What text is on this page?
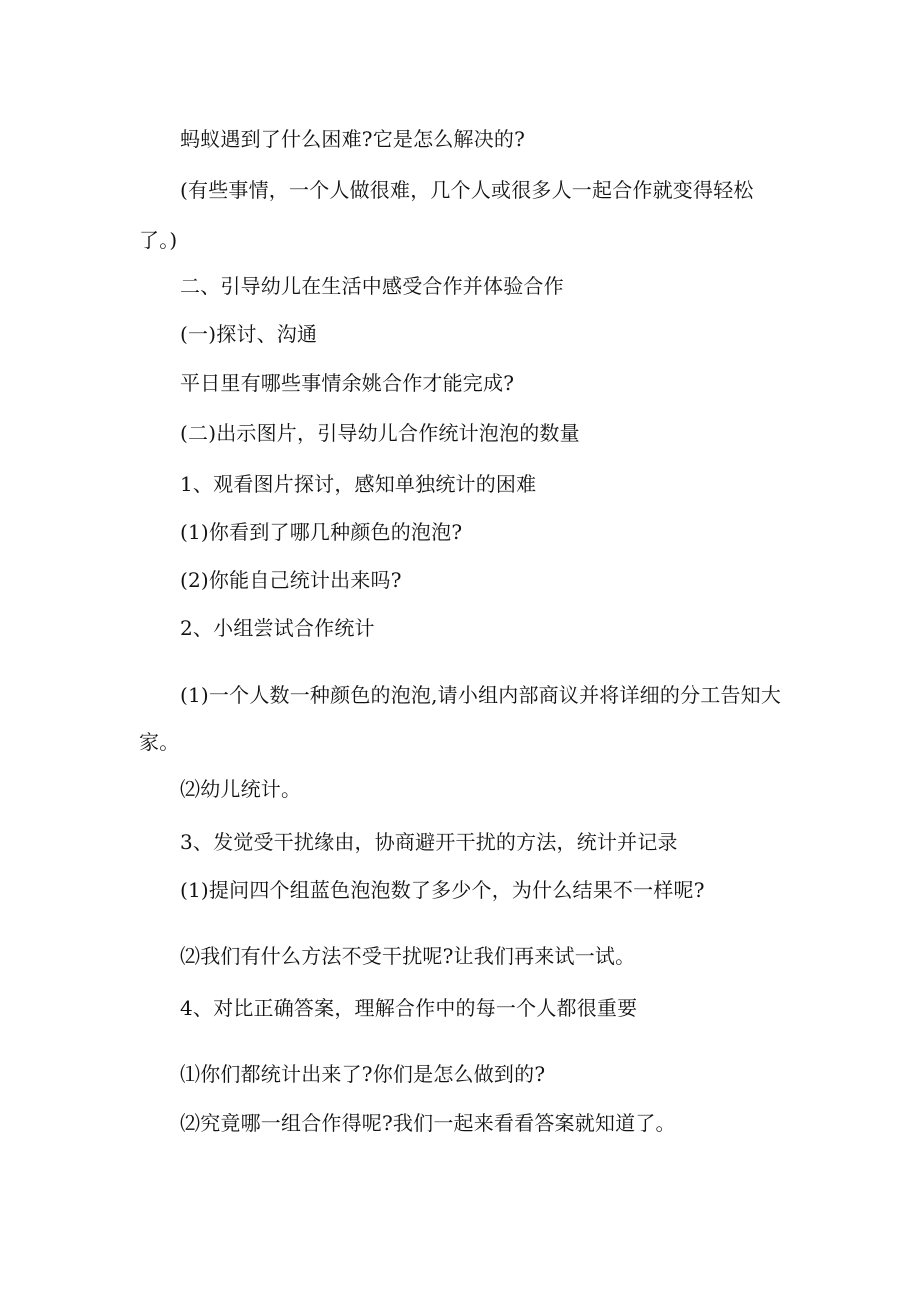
蚂蚁遇到了什么困难?它是怎么解决的?

(有些事情，一个人做很难，几个人或很多人一起合作就变得轻松

了。)

二、引导幼儿在生活中感受合作并体验合作

(一)探讨、沟通

平日里有哪些事情余姚合作才能完成?

(二)出示图片，引导幼儿合作统计泡泡的数量

1、观看图片探讨，感知单独统计的困难

(1)你看到了哪几种颜色的泡泡?

(2)你能自己统计出来吗?

2、小组尝试合作统计

(1)一个人数一种颜色的泡泡,请小组内部商议并将详细的分工告知大

家。

⑵幼儿统计。

3、发觉受干扰缘由，协商避开干扰的方法，统计并记录

(1)提问四个组蓝色泡泡数了多少个，为什么结果不一样呢?

⑵我们有什么方法不受干扰呢?让我们再来试一试。

4、对比正确答案，理解合作中的每一个人都很重要

⑴你们都统计出来了?你们是怎么做到的?

⑵究竟哪一组合作得呢?我们一起来看看答案就知道了。
